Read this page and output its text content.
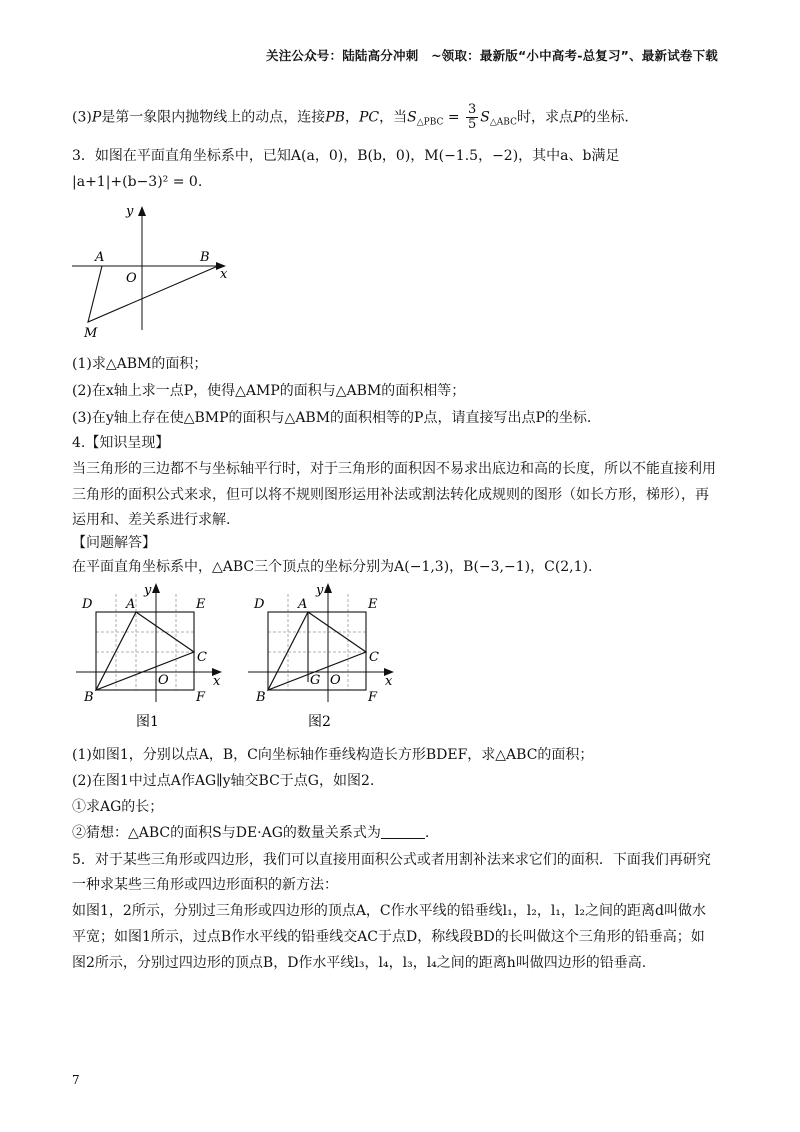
关注公众号：陆陆高分冲刺　~领取：最新版“小中高考-总复习”、最新试卷下载
(3)P是第一象限内抛物线上的动点，连接PB，PC，当$S_{\triangle PBC} = \frac{3}{5} S_{\triangle ABC}$时，求点P的坐标.
3．如图在平面直角坐标系中，已知A(a，0)，B(b，0)，M(−1.5，−2)，其中a、b满足
|a+1|+(b−3)² = 0.
y
x
A	B
O
M
(1)求△ABM的面积；
(2)在x轴上求一点P，使得△AMP的面积与△ABM的面积相等；
(3)在y轴上存在使△BMP的面积与△ABM的面积相等的P点，请直接写出点P的坐标.
4.【知识呈现】
当三角形的三边都不与坐标轴平行时，对于三角形的面积因不易求出底边和高的长度，所以不能直接利用
三角形的面积公式来求，但可以将不规则图形运用补法或割法转化成规则的图形（如长方形，梯形），再
运用和、差关系进行求解.
【问题解答】
在平面直角坐标系中，△ABC三个顶点的坐标分别为A(−1,3)，B(−3,−1)，C(2,1).
D	A
y
E
C
x
O
B	F
图1
D	A
y
E
C
x
G O
B	F
图2
(1)如图1，分别以点A，B，C向坐标轴作垂线构造长方形BDEF，求△ABC的面积；
(2)在图1中过点A作AG∥y轴交BC于点G，如图2.
①求AG的长；
②猜想：△ABC的面积S与DE·AG的数量关系式为	.
5．对于某些三角形或四边形，我们可以直接用面积公式或者用割补法来求它们的面积．下面我们再研究
一种求某些三角形或四边形面积的新方法：
如图1，2所示，分别过三角形或四边形的顶点A，C作水平线的铅垂线l₁，l₂，l₁，l₂之间的距离d叫做水
平宽；如图1所示，过点B作水平线的铅垂线交AC于点D，称线段BD的长叫做这个三角形的铅垂高；如
图2所示，分别过四边形的顶点B，D作水平线l₃，l₄，l₃，l₄之间的距离h叫做四边形的铅垂高.
7
